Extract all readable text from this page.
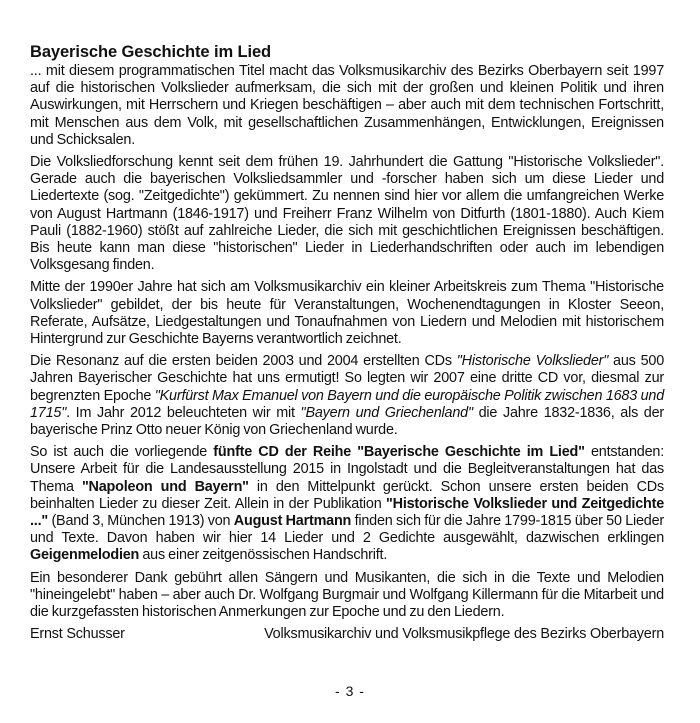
Bayerische Geschichte im Lied

... mit diesem programmatischen Titel macht das Volksmusikarchiv des Bezirks Oberbayern seit 1997 auf die historischen Volkslieder aufmerksam, die sich mit der großen und kleinen Politik und ihren Auswirkungen, mit Herrschern und Kriegen beschäftigen – aber auch mit dem technischen Fortschritt, mit Menschen aus dem Volk, mit gesellschaftlichen Zusammenhängen, Entwicklungen, Ereignissen und Schicksalen.

Die Volksliedforschung kennt seit dem frühen 19. Jahrhundert die Gattung "Historische Volkslieder". Gerade auch die bayerischen Volksliedsammler und -forscher haben sich um diese Lieder und Liedertexte (sog. "Zeitgedichte") gekümmert. Zu nennen sind hier vor allem die umfangreichen Werke von August Hartmann (1846-1917) und Freiherr Franz Wilhelm von Ditfurth (1801-1880). Auch Kiem Pauli (1882-1960) stößt auf zahlreiche Lieder, die sich mit geschichtlichen Ereignissen beschäftigen. Bis heute kann man diese "historischen" Lieder in Liederhandschriften oder auch im lebendigen Volksgesang finden.

Mitte der 1990er Jahre hat sich am Volksmusikarchiv ein kleiner Arbeitskreis zum Thema "Historische Volkslieder" gebildet, der bis heute für Veranstaltungen, Wochenendtagungen in Kloster Seeon, Referate, Aufsätze, Liedgestaltungen und Tonaufnahmen von Liedern und Melodien mit historischem Hintergrund zur Geschichte Bayerns verantwortlich zeichnet.

Die Resonanz auf die ersten beiden 2003 und 2004 erstellten CDs "Historische Volkslieder" aus 500 Jahren Bayerischer Geschichte hat uns ermutigt! So legten wir 2007 eine dritte CD vor, diesmal zur begrenzten Epoche "Kurfürst Max Emanuel von Bayern und die europäische Politik zwischen 1683 und 1715". Im Jahr 2012 beleuchteten wir mit "Bayern und Griechenland" die Jahre 1832-1836, als der bayerische Prinz Otto neuer König von Griechenland wurde.

So ist auch die vorliegende fünfte CD der Reihe "Bayerische Geschichte im Lied" entstanden: Unsere Arbeit für die Landesausstellung 2015 in Ingolstadt und die Begleitveranstaltungen hat das Thema "Napoleon und Bayern" in den Mittelpunkt gerückt. Schon unsere ersten beiden CDs beinhalten Lieder zu dieser Zeit. Allein in der Publikation "Historische Volkslieder und Zeitgedichte ..." (Band 3, München 1913) von August Hartmann finden sich für die Jahre 1799-1815 über 50 Lieder und Texte. Davon haben wir hier 14 Lieder und 2 Gedichte ausgewählt, dazwischen erklingen Geigenmelodien aus einer zeitgenössischen Handschrift.

Ein besonderer Dank gebührt allen Sängern und Musikanten, die sich in die Texte und Melodien "hineingelebt" haben – aber auch Dr. Wolfgang Burgmair und Wolfgang Killermann für die Mitarbeit und die kurzgefassten historischen Anmerkungen zur Epoche und zu den Liedern.

Ernst Schusser	Volksmusikarchiv und Volksmusikpflege des Bezirks Oberbayern
- 3 -
